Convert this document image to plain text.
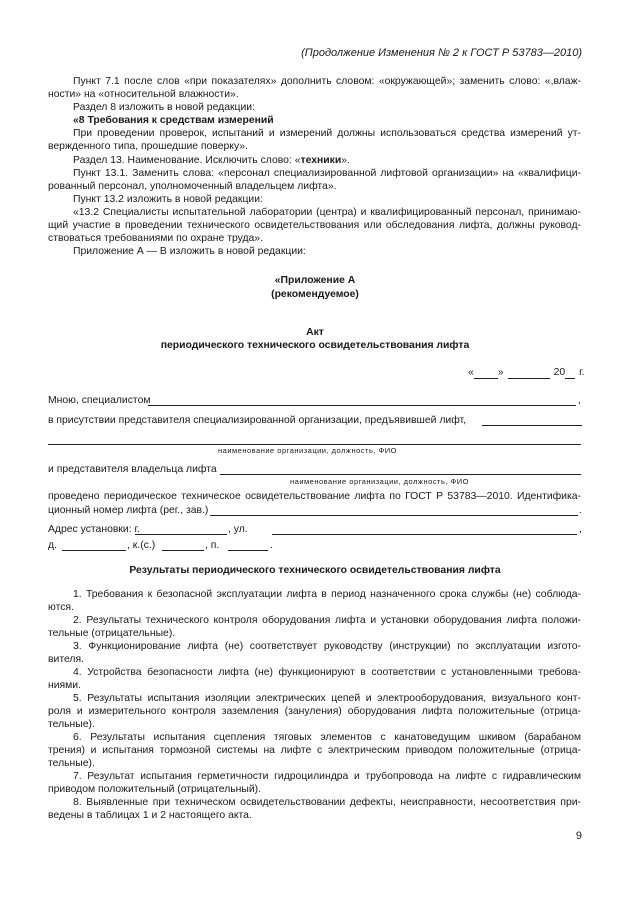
(Продолжение Изменения № 2 к ГОСТ Р 53783—2010)
Пункт 7.1 после слов «при показателях» дополнить словом: «окружающей»; заменить слово: «,влаж-
ности» на «относительной влажности».
Раздел 8 изложить в новой редакции:
«8 Требования к средствам измерений
При проведении проверок, испытаний и измерений должны использоваться средства измерений ут-
вержденного типа, прошедшие поверку».
Раздел 13. Наименование. Исключить слово: «техники».
Пункт 13.1. Заменить слова: «персонал специализированной лифтовой организации» на «квалифици-
рованный персонал, уполномоченный владельцем лифта».
Пункт 13.2 изложить в новой редакции:
«13.2 Специалисты испытательной лаборатории (центра) и квалифицированный персонал, принимаю-
щий участие в проведении технического освидетельствования или обследования лифта, должны руковод-
ствоваться требованиями по охране труда».
Приложение А — В изложить в новой редакции:
«Приложение А
(рекомендуемое)
Акт
периодического технического освидетельствования лифта
« »	20 г.
Мною, специалистом	,
в присутствии представителя специализированной организации, предъявившей лифт,
наименование организации, должность, ФИО
и представителя владельца лифта
наименование организации, должность, ФИО
проведено периодическое техническое освидетельствование лифта по ГОСТ Р 53783—2010. Идентифика-
ционный номер лифта (рег., зав.)	.
Адрес установки: г.	, ул.	,
д.	, к.(с.)	, п.	.
Результаты периодического технического освидетельствования лифта
1. Требования к безопасной эксплуатации лифта в период назначенного срока службы (не) соблюда-
ются.
2. Результаты технического контроля оборудования лифта и установки оборудования лифта положи-
тельные (отрицательные).
3. Функционирование лифта (не) соответствует руководству (инструкции) по эксплуатации изгото-
вителя.
4. Устройства безопасности лифта (не) функционируют в соответствии с установленными требова-
ниями.
5. Результаты испытания изоляции электрических цепей и электрооборудования, визуального конт-
роля и измерительного контроля заземления (зануления) оборудования лифта положительные (отрица-
тельные).
6. Результаты испытания сцепления тяговых элементов с канатоведущим шкивом (барабаном
трения) и испытания тормозной системы на лифте с электрическим приводом положительные (отрица-
тельные).
7. Результат испытания герметичности гидроцилиндра и трубопровода на лифте с гидравлическим
приводом положительный (отрицательный).
8. Выявленные при техническом освидетельствовании дефекты, неисправности, несоответствия при-
ведены в таблицах 1 и 2 настоящего акта.
9
